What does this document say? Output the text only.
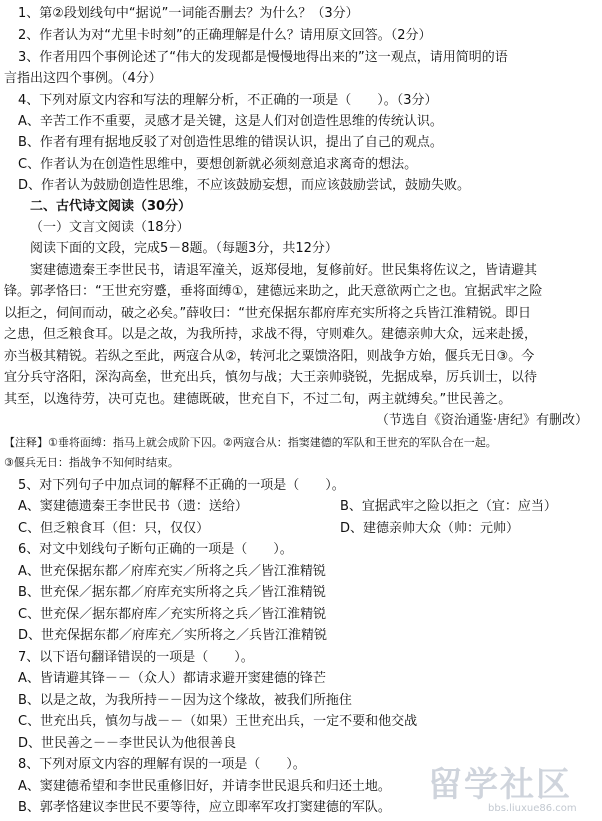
1、第②段划线句中“据说”一词能否删去？为什么？（3分）
2、作者认为对“尤里卡时刻”的正确理解是什么？请用原文回答。（2分）
3、作者用四个事例论述了“伟大的发现都是慢慢地得出来的”这一观点，请用简明的语
言指出这四个事例。（4分）
4、下列对原文内容和写法的理解分析，不正确的一项是（　　）。（3分）
A、辛苦工作不重要，灵感才是关键，这是人们对创造性思维的传统认识。
B、作者有理有据地反驳了对创造性思维的错误认识，提出了自己的观点。
C、作者认为在创造性思维中，要想创新就必须刻意追求离奇的想法。
D、作者认为鼓励创造性思维，不应该鼓励妄想，而应该鼓励尝试，鼓励失败。
二、古代诗文阅读（30分）
（一）文言文阅读（18分）
阅读下面的文段，完成5－8题。（每题3分，共12分）
窦建德遗秦王李世民书，请退军潼关，返郑侵地，复修前好。世民集将佐议之，皆请避其
锋。郭孝恪曰：“王世充穷蹙，垂将面缚①，建德远来助之，此天意欲两亡之也。宜据武牢之险
以拒之，伺间而动，破之必矣。”薛收曰：“世充保据东都府库充实所将之兵皆江淮精锐。即日
之患，但乏粮食耳。以是之故，为我所持，求战不得，守则难久。建德亲帅大众，远来赴援，
亦当极其精锐。若纵之至此，两寇合从②，转河北之粟馈洛阳，则战争方始，偃兵无日③。今
宜分兵守洛阳，深沟高垒，世充出兵，慎勿与战；大王亲帅骁锐，先据成皋，厉兵训士，以待
其至，以逸待劳，决可克也。建德既破，世充自下，不过二旬，两主就缚矣。”世民善之。
（节选自《资治通鉴·唐纪》有删改）
【注释】①垂将面缚：指马上就会成阶下囚。②两寇合从：指窦建德的军队和王世充的军队合在一起。
③偃兵无日：指战争不知何时结束。
5、对下列句子中加点词的解释不正确的一项是（　　）。
A、窦建德遗秦王李世民书（遗：送给）	B、宜据武牢之险以拒之（宜：应当）
C、但乏粮食耳（但：只，仅仅）	D、建德亲帅大众（帅：元帅）
6、对文中划线句子断句正确的一项是（　　）。
A、世充保据东都／府库充实／所将之兵／皆江淮精锐
B、世充保／据东都／府库充实所将之兵／皆江淮精锐
C、世充保／据东都府库／充实所将之兵／皆江淮精锐
D、世充保据东都／府库充／实所将之／兵皆江淮精锐
7、以下语句翻译错误的一项是（　　）。
A、皆请避其锋－－（众人）都请求避开窦建德的锋芒
B、以是之故，为我所持－－因为这个缘故，被我们所拖住
C、世充出兵，慎勿与战－－（如果）王世充出兵，一定不要和他交战
D、世民善之－－李世民认为他很善良
8、下列对原文内容的理解有误的一项是（　　）。
A、窦建德希望和李世民重修旧好，并请李世民退兵和归还土地。
B、郭孝恪建议李世民不要等待，应立即率军攻打窦建德的军队。
留学社区
bbs.liuxue86.com
